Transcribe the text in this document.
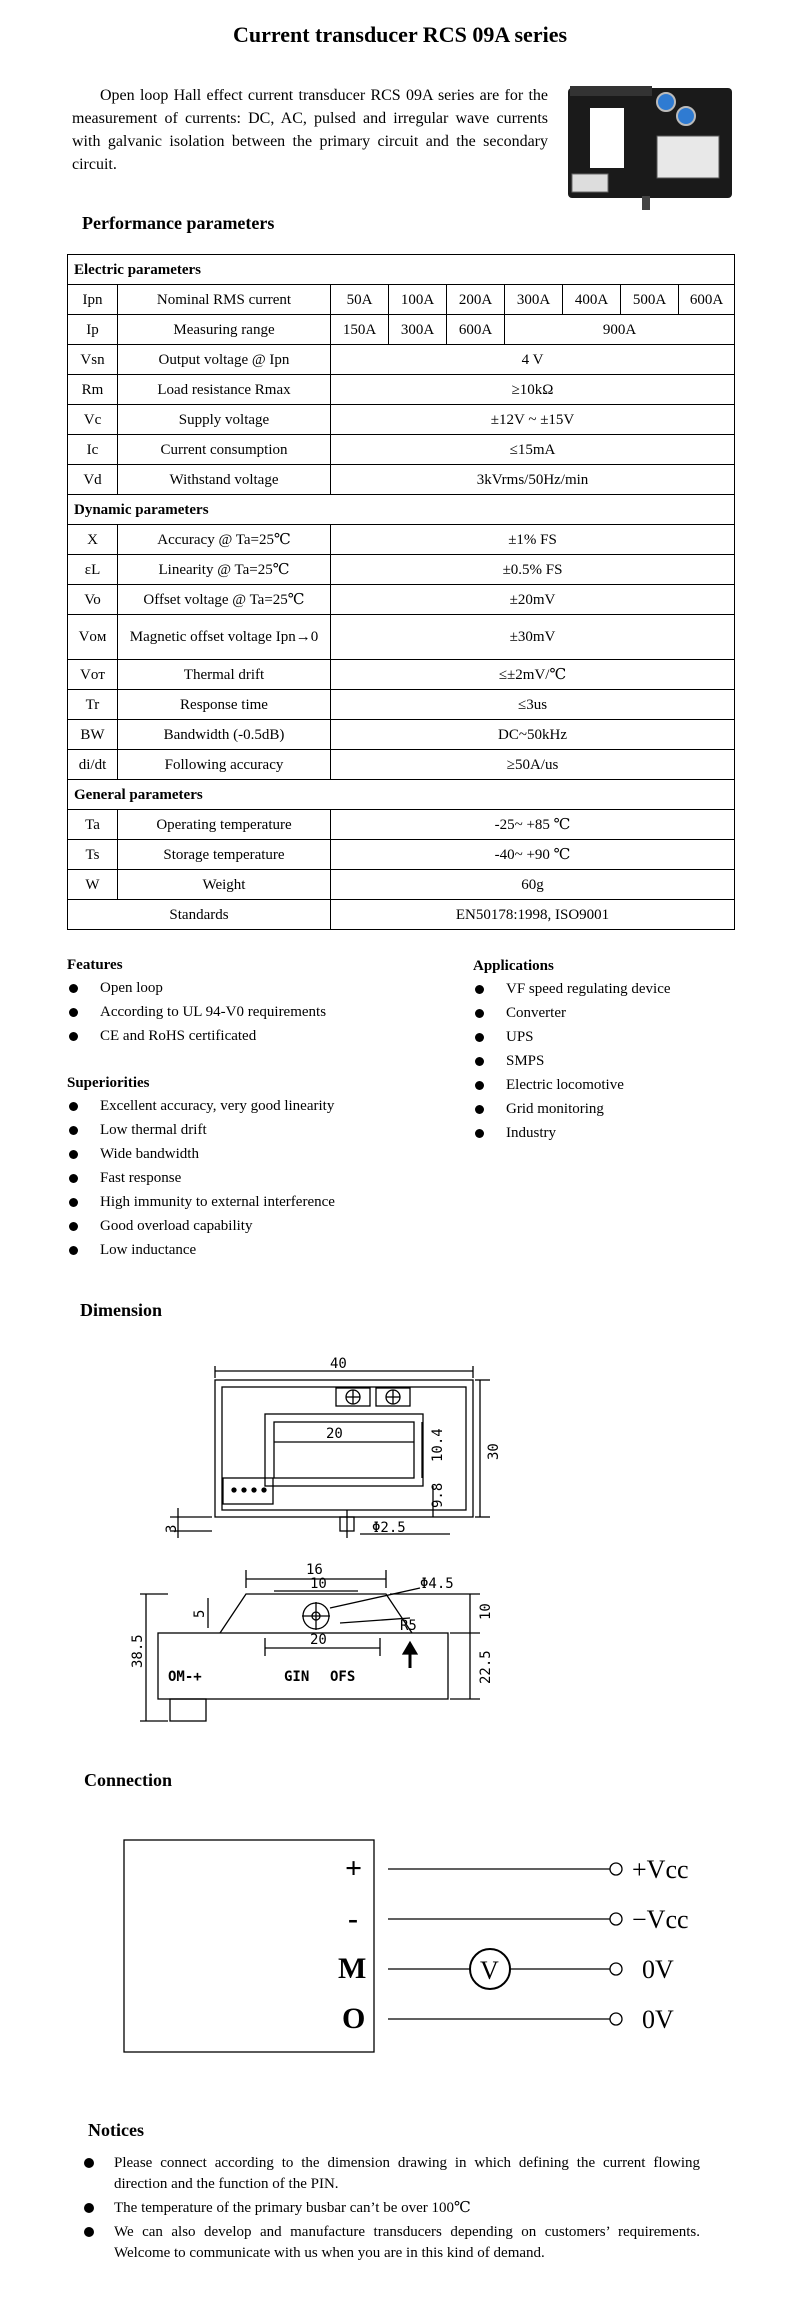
Current transducer RCS 09A series
Open loop Hall effect current transducer RCS 09A series are for the measurement of currents: DC, AC, pulsed and irregular wave currents with galvanic isolation between the primary circuit and the secondary circuit.
Performance parameters
Electric parameters								
Ipn	Nominal RMS current	50A	100A	200A	300A	400A	500A	600A
Ip	Measuring range	150A	300A	600A	900A			
Vsn	Output voltage @ Ipn	4 V						
Rm	Load resistance Rmax	≥10kΩ						
Vc	Supply voltage	±12V ~ ±15V						
Ic	Current consumption	≤15mA						
Vd	Withstand voltage	3kVrms/50Hz/min						
Dynamic parameters								
X	Accuracy @ Ta=25℃	±1% FS						
εL	Linearity @ Ta=25℃	±0.5% FS						
Vo	Offset voltage @ Ta=25℃	±20mV						
Vᴏᴍ	Magnetic offset voltage Ipn→0	±30mV						
Vᴏᴛ	Thermal drift	≤±2mV/℃						
Tr	Response time	≤3us						
BW	Bandwidth (-0.5dB)	DC~50kHz						
di/dt	Following accuracy	≥50A/us						
General parameters								
Ta	Operating temperature	-25~ +85 ℃						
Ts	Storage temperature	-40~ +90 ℃						
W	Weight	60g						
Standards		EN50178:1998, ISO9001						
Features
Open loop
According to UL 94-V0 requirements
CE and RoHS certificated
Superiorities
Excellent accuracy, very good linearity
Low thermal drift
Wide bandwidth
Fast response
High immunity to external interference
Good overload capability
Low inductance
Applications
VF speed regulating device
Converter
UPS
SMPS
Electric locomotive
Grid monitoring
Industry
Dimension
40
20	10.4	30
9.8
Φ2.5
3
16
10	Φ4.5
R5
20
OM-+	GIN OFS
38.5	22.5
10
5
Connection
+
-
M
O
V
+Vcc
−Vcc
0V
0V
Notices
Please connect according to the dimension drawing in which defining the current flowing direction and the function of the PIN.
The temperature of the primary busbar can’t be over 100℃
We can also develop and manufacture transducers depending on customers’ requirements. Welcome to communicate with us when you are in this kind of demand.
